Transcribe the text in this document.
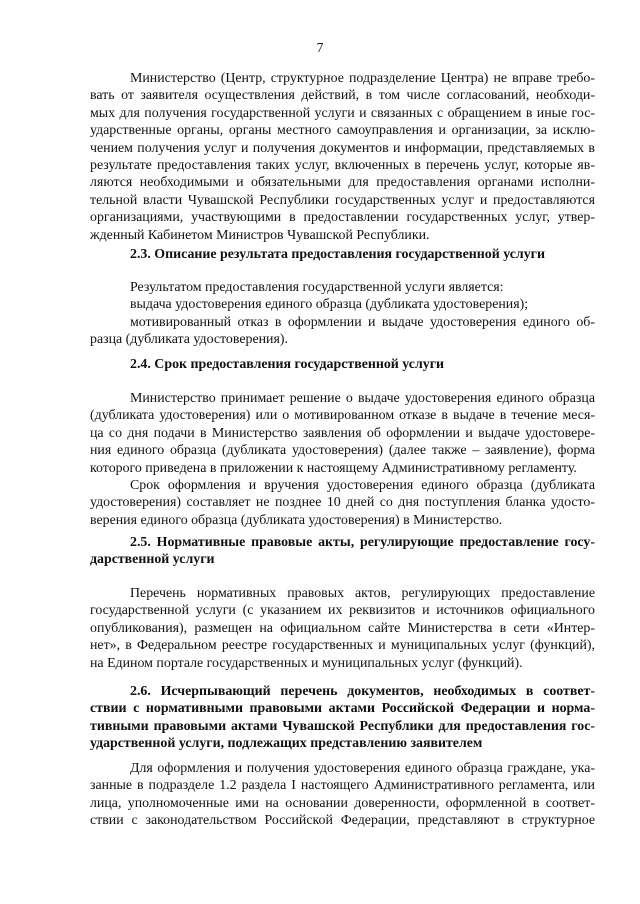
7
Министерство (Центр, структурное подразделение Центра) не вправе требо-
вать от заявителя осуществления действий, в том числе согласований, необходи-
мых для получения государственной услуги и связанных с обращением в иные гос-
ударственные органы, органы местного самоуправления и организации, за исклю-
чением получения услуг и получения документов и информации, представляемых в
результате предоставления таких услуг, включенных в перечень услуг, которые яв-
ляются необходимыми и обязательными для предоставления органами исполни-
тельной власти Чувашской Республики государственных услуг и предоставляются
организациями, участвующими в предоставлении государственных услуг, утвер-
жденный Кабинетом Министров Чувашской Республики.
2.3. Описание результата предоставления государственной услуги
Результатом предоставления государственной услуги является:
выдача удостоверения единого образца (дубликата удостоверения);
мотивированный отказ в оформлении и выдаче удостоверения единого об-
разца (дубликата удостоверения).
2.4. Срок предоставления государственной услуги
Министерство принимает решение о выдаче удостоверения единого образца
(дубликата удостоверения) или о мотивированном отказе в выдаче в течение меся-
ца со дня подачи в Министерство заявления об оформлении и выдаче удостовере-
ния единого образца (дубликата удостоверения) (далее также – заявление), форма
которого приведена в приложении к настоящему Административному регламенту.
Срок оформления и вручения удостоверения единого образца (дубликата
удостоверения) составляет не позднее 10 дней со дня поступления бланка удосто-
верения единого образца (дубликата удостоверения) в Министерство.
2.5. Нормативные правовые акты, регулирующие предоставление госу-
дарственной услуги
Перечень нормативных правовых актов, регулирующих предоставление
государственной услуги (с указанием их реквизитов и источников официального
опубликования), размещен на официальном сайте Министерства в сети «Интер-
нет», в Федеральном реестре государственных и муниципальных услуг (функций),
на Едином портале государственных и муниципальных услуг (функций).
2.6. Исчерпывающий перечень документов, необходимых в соответ-
ствии с нормативными правовыми актами Российской Федерации и норма-
тивными правовыми актами Чувашской Республики для предоставления гос-
ударственной услуги, подлежащих представлению заявителем
Для оформления и получения удостоверения единого образца граждане, ука-
занные в подразделе 1.2 раздела I настоящего Административного регламента, или
лица, уполномоченные ими на основании доверенности, оформленной в соответ-
ствии с законодательством Российской Федерации, представляют в структурное
